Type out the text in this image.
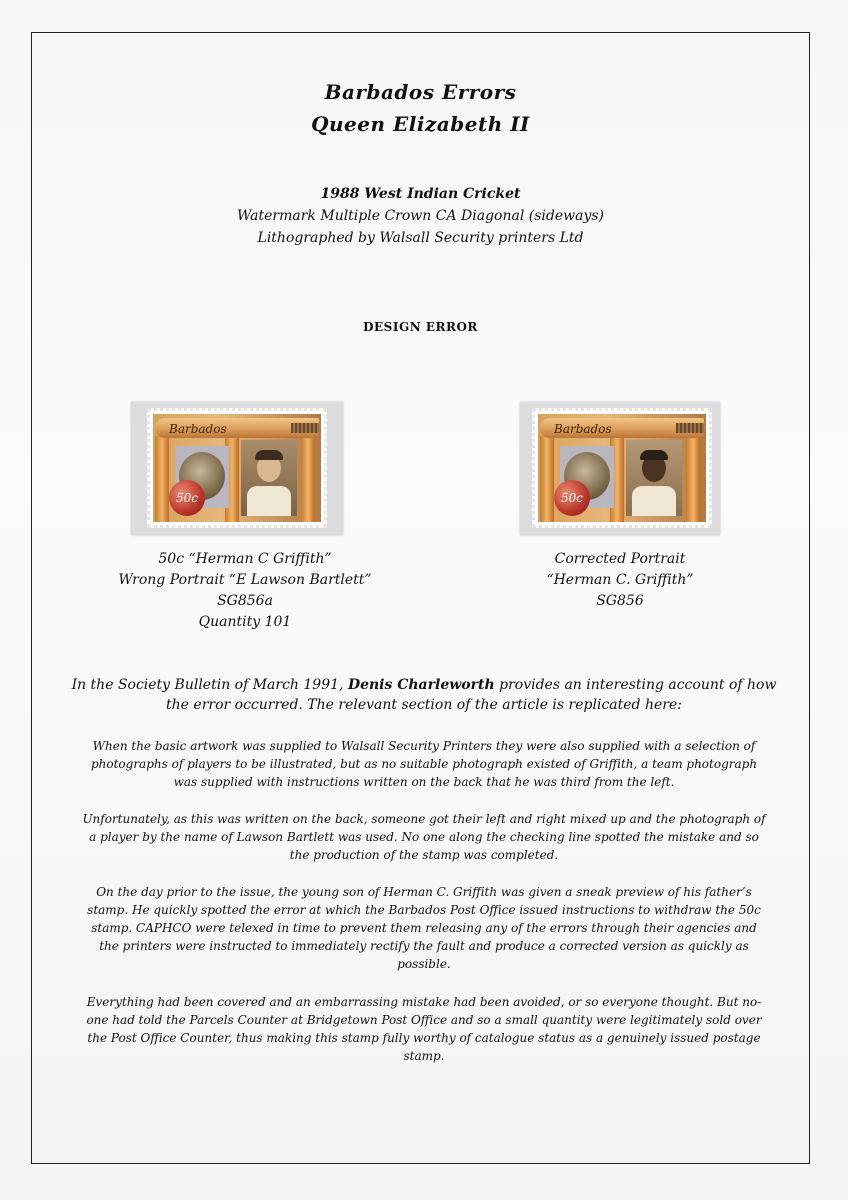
Barbados Errors
Queen Elizabeth II
1988 West Indian Cricket
Watermark Multiple Crown CA Diagonal (sideways)
Lithographed by Walsall Security printers Ltd
DESIGN ERROR
Barbados
50c
Barbados
50c
50c “Herman C Griffith”
Wrong Portrait “E Lawson Bartlett”
SG856a
Quantity 101
Corrected Portrait
“Herman C. Griffith”
SG856
In the Society Bulletin of March 1991, Denis Charleworth provides an interesting account of how the error occurred. The relevant section of the article is replicated here:
When the basic artwork was supplied to Walsall Security Printers they were also supplied with a selection of photographs of players to be illustrated, but as no suitable photograph existed of Griffith, a team photograph was supplied with instructions written on the back that he was third from the left.
Unfortunately, as this was written on the back, someone got their left and right mixed up and the photograph of a player by the name of Lawson Bartlett was used. No one along the checking line spotted the mistake and so the production of the stamp was completed.
On the day prior to the issue, the young son of Herman C. Griffith was given a sneak preview of his father’s stamp. He quickly spotted the error at which the Barbados Post Office issued instructions to withdraw the 50c stamp. CAPHCO were telexed in time to prevent them releasing any of the errors through their agencies and the printers were instructed to immediately rectify the fault and produce a corrected version as quickly as possible.
Everything had been covered and an embarrassing mistake had been avoided, or so everyone thought. But no-one had told the Parcels Counter at Bridgetown Post Office and so a small quantity were legitimately sold over the Post Office Counter, thus making this stamp fully worthy of catalogue status as a genuinely issued postage stamp.
